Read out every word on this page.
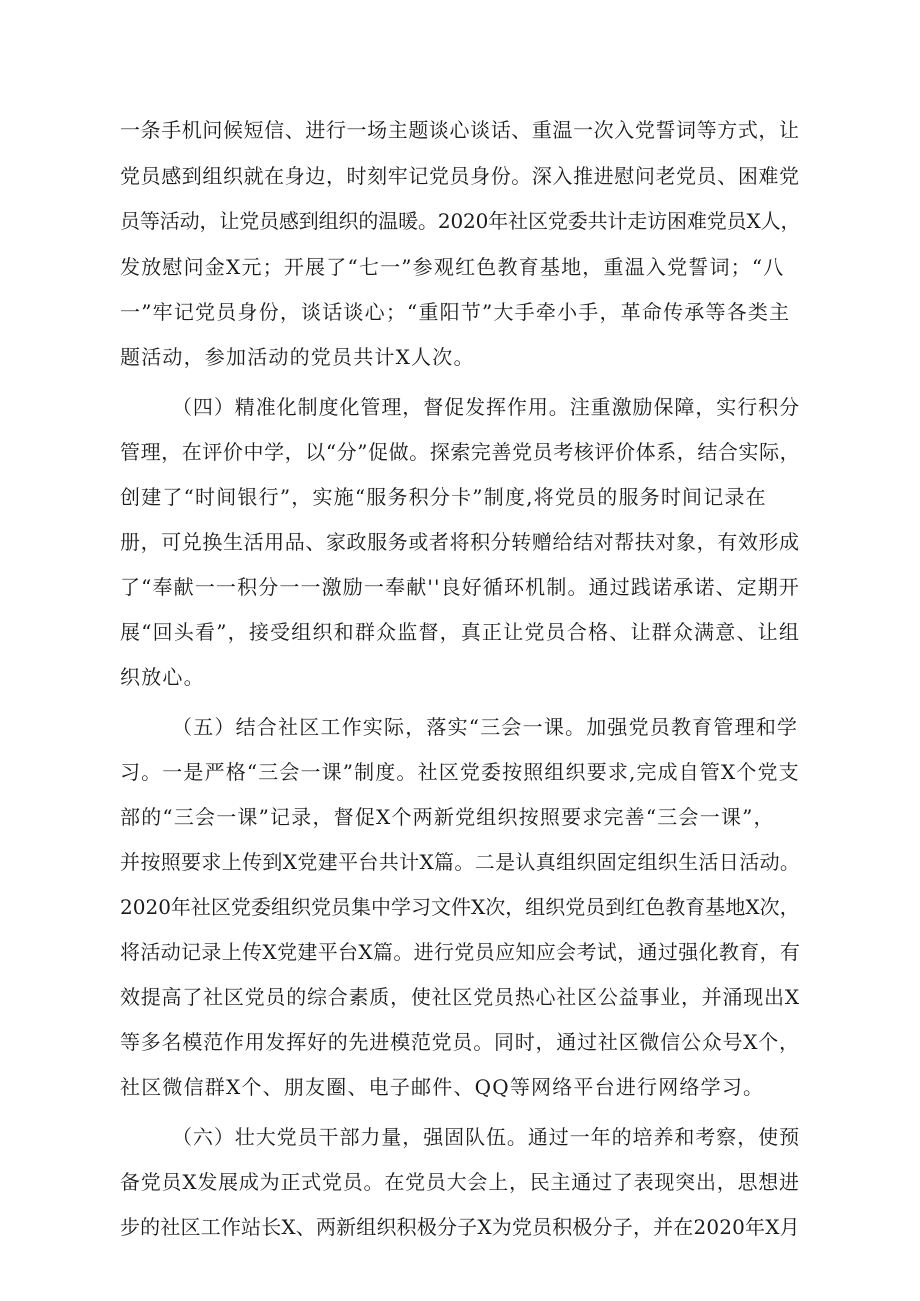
一条手机问候短信、进行一场主题谈心谈话、重温一次入党誓词等方式，让
党员感到组织就在身边，时刻牢记党员身份。深入推进慰问老党员、困难党
员等活动，让党员感到组织的温暖。2020年社区党委共计走访困难党员X人，
发放慰问金X元；开展了“七一”参观红色教育基地，重温入党誓词；“八
一”牢记党员身份，谈话谈心；“重阳节”大手牵小手，革命传承等各类主
题活动，参加活动的党员共计X人次。
（四）精准化制度化管理，督促发挥作用。注重激励保障，实行积分
管理，在评价中学，以“分”促做。探索完善党员考核评价体系，结合实际，
创建了“时间银行”，实施“服务积分卡”制度,将党员的服务时间记录在
册，可兑换生活用品、家政服务或者将积分转赠给结对帮扶对象，有效形成
了“奉献一一积分一一激励一奉献''良好循环机制。通过践诺承诺、定期开
展“回头看”，接受组织和群众监督，真正让党员合格、让群众满意、让组
织放心。
（五）结合社区工作实际，落实“三会一课。加强党员教育管理和学
习。一是严格“三会一课”制度。社区党委按照组织要求,完成自管X个党支
部的“三会一课”记录，督促X个两新党组织按照要求完善“三会一课”，
并按照要求上传到X党建平台共计X篇。二是认真组织固定组织生活日活动。
2020年社区党委组织党员集中学习文件X次，组织党员到红色教育基地X次，
将活动记录上传X党建平台X篇。进行党员应知应会考试，通过强化教育，有
效提高了社区党员的综合素质，使社区党员热心社区公益事业，并涌现出X
等多名模范作用发挥好的先进模范党员。同时，通过社区微信公众号X个，
社区微信群X个、朋友圈、电子邮件、QQ等网络平台进行网络学习。
（六）壮大党员干部力量，强固队伍。通过一年的培养和考察，使预
备党员X发展成为正式党员。在党员大会上，民主通过了表现突出，思想进
步的社区工作站长X、两新组织积极分子X为党员积极分子，并在2020年X月
